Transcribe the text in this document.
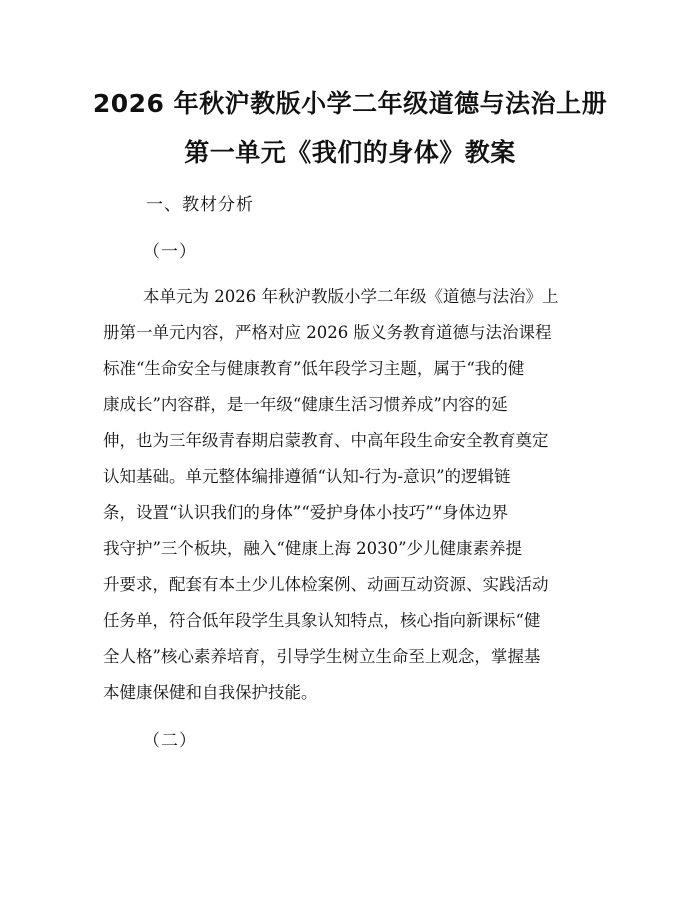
2026 年秋沪教版小学二年级道德与法治上册
第一单元《我们的身体》教案
一、教材分析
（一）
本单元为 2026 年秋沪教版小学二年级《道德与法治》上
册第一单元内容，严格对应 2026 版义务教育道德与法治课程
标准“生命安全与健康教育”低年段学习主题，属于“我的健
康成长”内容群，是一年级“健康生活习惯养成”内容的延
伸，也为三年级青春期启蒙教育、中高年段生命安全教育奠定
认知基础。单元整体编排遵循“认知-行为-意识”的逻辑链
条，设置“认识我们的身体”“爱护身体小技巧”“身体边界
我守护”三个板块，融入“健康上海 2030”少儿健康素养提
升要求，配套有本土少儿体检案例、动画互动资源、实践活动
任务单，符合低年段学生具象认知特点，核心指向新课标“健
全人格”核心素养培育，引导学生树立生命至上观念，掌握基
本健康保健和自我保护技能。
（二）
